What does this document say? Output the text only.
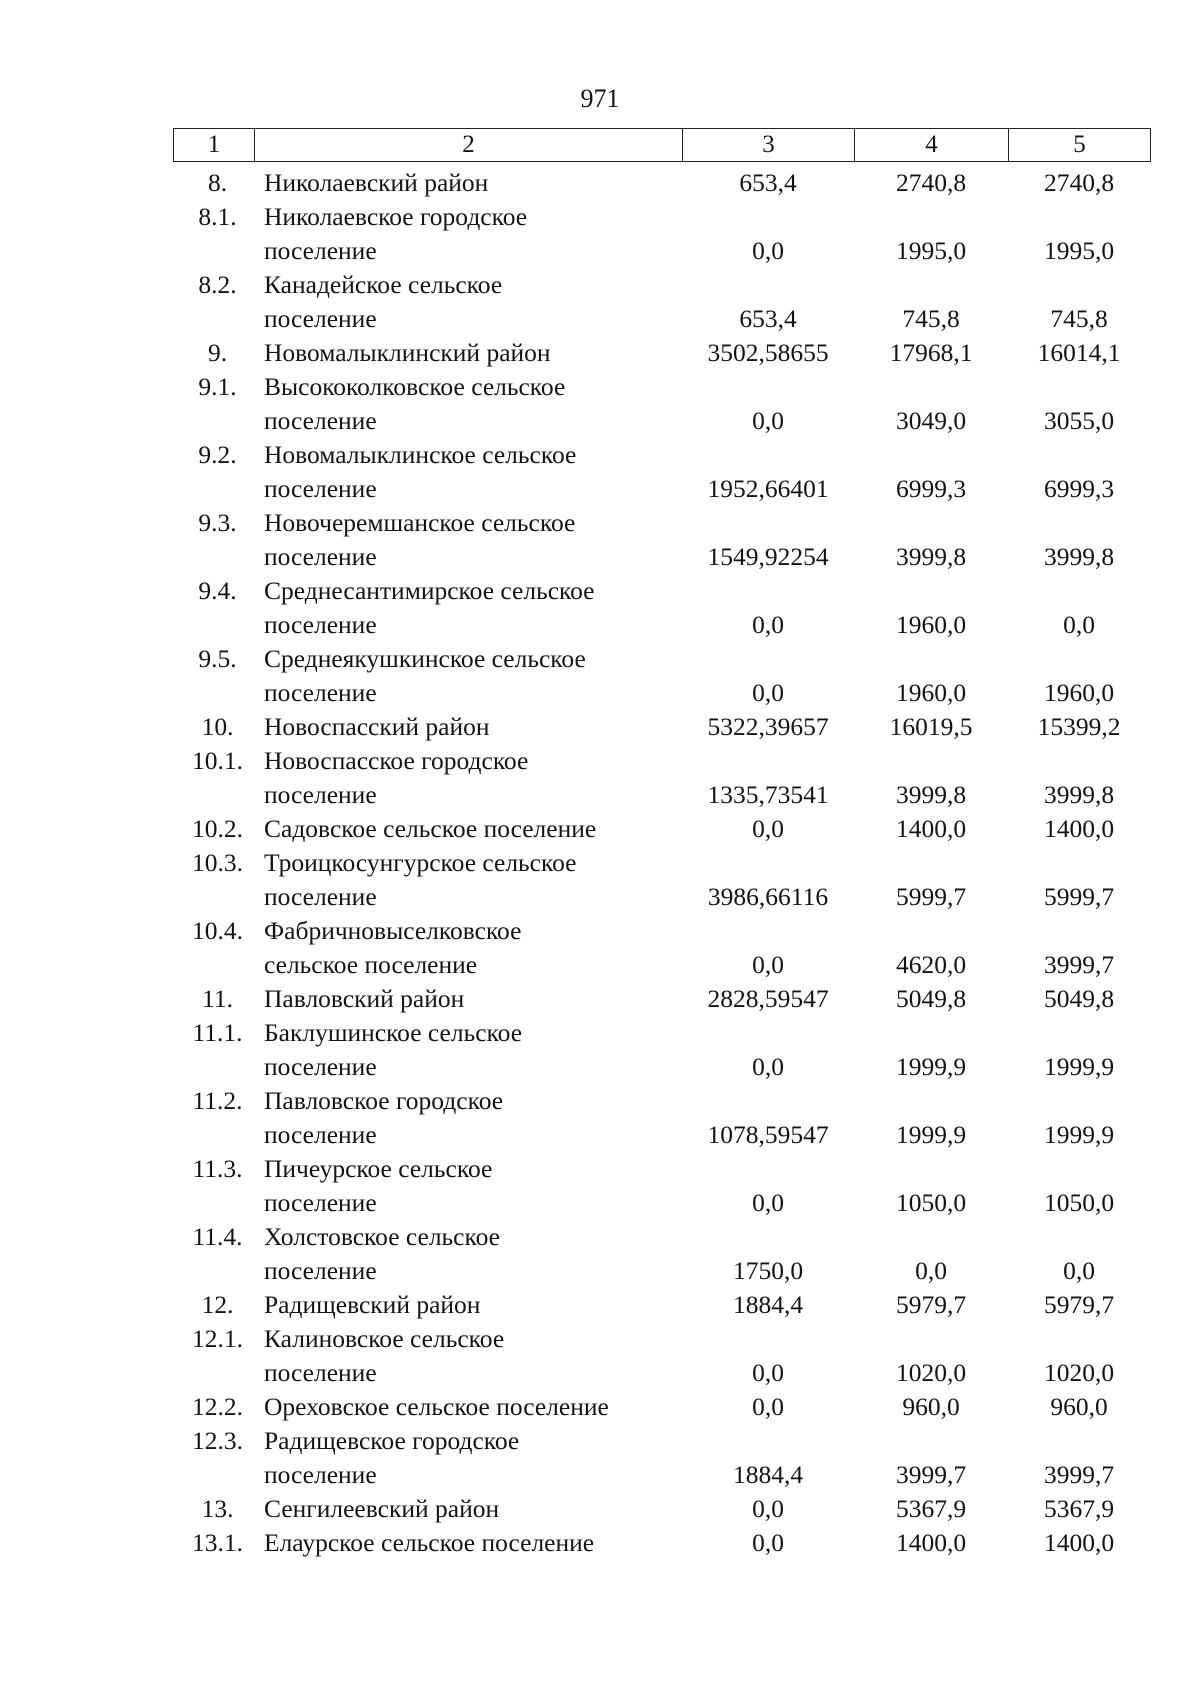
971
1	2	3	4	5
8.	Николаевский район	653,4	2740,8	2740,8
8.1.	Николаевское городское
поселение	0,0	1995,0	1995,0
8.2.	Канадейское сельское
поселение	653,4	745,8	745,8
9.	Новомалыклинский район	3502,58655	17968,1	16014,1
9.1.	Высококолковское сельское
поселение	0,0	3049,0	3055,0
9.2.	Новомалыклинское сельское
поселение	1952,66401	6999,3	6999,3
9.3.	Новочеремшанское сельское
поселение	1549,92254	3999,8	3999,8
9.4.	Среднесантимирское сельское
поселение	0,0	1960,0	0,0
9.5.	Среднеякушкинское сельское
поселение	0,0	1960,0	1960,0
10.	Новоспасский район	5322,39657	16019,5	15399,2
10.1. Новоспасское городское
поселение	1335,73541	3999,8	3999,8
10.2. Садовское сельское поселение	0,0	1400,0	1400,0
10.3. Троицкосунгурское сельское
поселение	3986,66116	5999,7	5999,7
10.4. Фабричновыселковское
сельское поселение	0,0	4620,0	3999,7
11.	Павловский район	2828,59547	5049,8	5049,8
11.1. Баклушинское сельское
поселение	0,0	1999,9	1999,9
11.2. Павловское городское
поселение	1078,59547	1999,9	1999,9
11.3. Пичеурское сельское
поселение	0,0	1050,0	1050,0
11.4. Холстовское сельское
поселение	1750,0	0,0	0,0
12.	Радищевский район	1884,4	5979,7	5979,7
12.1. Калиновское сельское
поселение	0,0	1020,0	1020,0
12.2. Ореховское сельское поселение	0,0	960,0	960,0
12.3. Радищевское городское
поселение	1884,4	3999,7	3999,7
13.	Сенгилеевский район	0,0	5367,9	5367,9
13.1. Елаурское сельское поселение	0,0	1400,0	1400,0
